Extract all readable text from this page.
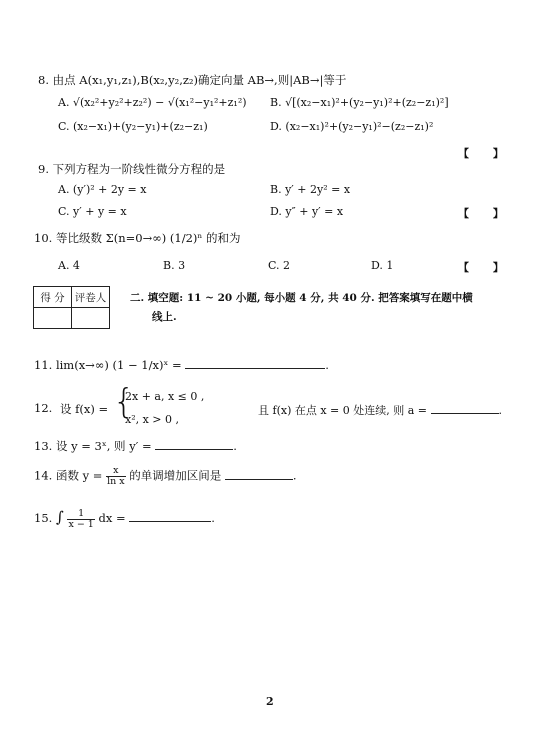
8. 由点 A(x₁,y₁,z₁),B(x₂,y₂,z₂)确定向量 AB→,则|AB→|等于
A. √(x₂²+y₂²+z₂²) − √(x₁²−y₁²+z₁²) B. √[(x₂−x₁)²+(y₂−y₁)²+(z₂−z₁)²]
C. (x₂−x₁)+(y₂−y₁)+(z₂−z₁)	D. (x₂−x₁)²+(y₂−y₁)²−(z₂−z₁)²
【 】
9. 下列方程为一阶线性微分方程的是
A. (y′)² + 2y = x	B. y′ + 2y² = x
C. y′ + y = x	D. y″ + y′ = x	【 】
10. 等比级数 Σ(n=0→∞) (1/2)ⁿ 的和为
A. 4	B. 3	C. 2	D. 1	【 】
得 分	评卷人
	二. 填空题: 11 ~ 20 小题, 每小题 4 分, 共 40 分. 把答案填写在题中横
线上.
11. lim(x→∞) (1 − 1/x)ˣ =	.
12. 设 f(x) = {
2x + a, x ≤ 0 ,
x², x > 0 ,
且 f(x) 在点 x = 0 处连续, 则 a =	.
13. 设 y = 3ˣ, 则 y′ =	.
14. 函数 $y = \frac{x}{\text{ln x}}$ 的单调增加区间是	.
15. ∫ $\frac{1}{x - 1}$ dx =	.
2
